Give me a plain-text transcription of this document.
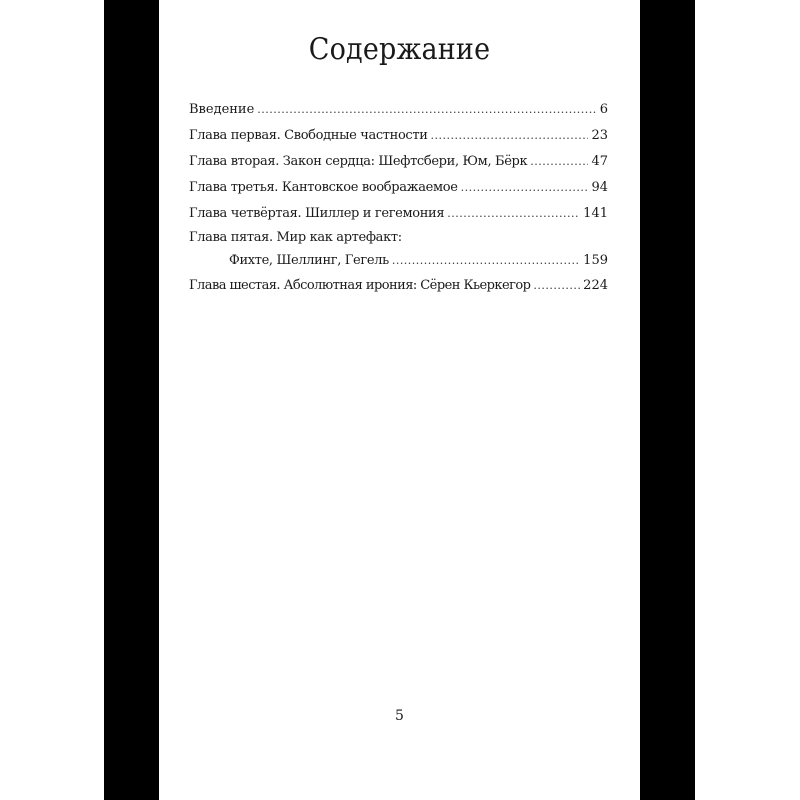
Содержание
Введение . . .	6
Глава первая. Свободные частности . . .	23
Глава вторая. Закон сердца: Шефтсбери, Юм, Бёрк . . .	47
Глава третья. Кантовское воображаемое . . .	94
Глава четвёртая. Шиллер и гегемония . . .	141
Глава пятая. Мир как артефакт:
Фихте, Шеллинг, Гегель . . .	159
Глава шестая. Абсолютная ирония: Сёрен Кьеркегор . . .	224
5
